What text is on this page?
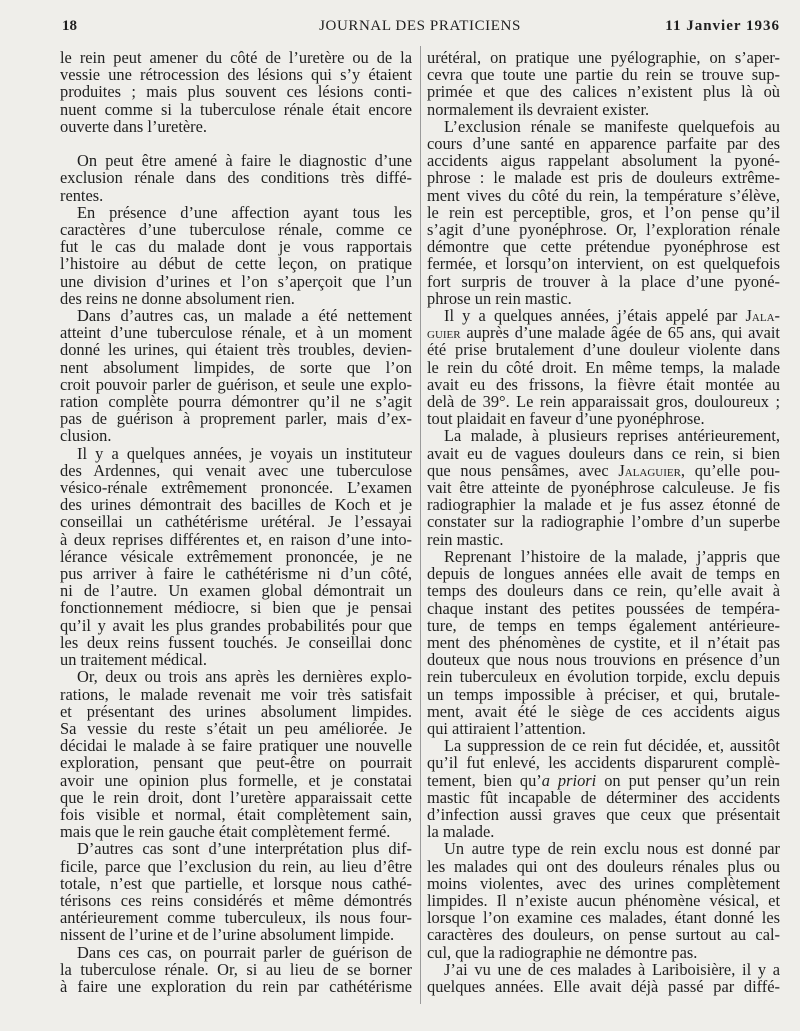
18	JOURNAL DES PRATICIENS	11 Janvier 1936
le rein peut amener du côté de l’uretère ou de la
vessie une rétrocession des lésions qui s’y étaient
produites ; mais plus souvent ces lésions conti-
nuent comme si la tuberculose rénale était encore
ouverte dans l’uretère.
On peut être amené à faire le diagnostic d’une
exclusion rénale dans des conditions très diffé-
rentes.
En présence d’une affection ayant tous les
caractères d’une tuberculose rénale, comme ce
fut le cas du malade dont je vous rapportais
l’histoire au début de cette leçon, on pratique
une division d’urines et l’on s’aperçoit que l’un
des reins ne donne absolument rien.
Dans d’autres cas, un malade a été nettement
atteint d’une tuberculose rénale, et à un moment
donné les urines, qui étaient très troubles, devien-
nent absolument limpides, de sorte que l’on
croit pouvoir parler de guérison, et seule une explo-
ration complète pourra démontrer qu’il ne s’agit
pas de guérison à proprement parler, mais d’ex-
clusion.
Il y a quelques années, je voyais un instituteur
des Ardennes, qui venait avec une tuberculose
vésico-rénale extrêmement prononcée. L’examen
des urines démontrait des bacilles de Koch et je
conseillai un cathétérisme urétéral. Je l’essayai
à deux reprises différentes et, en raison d’une into-
lérance vésicale extrêmement prononcée, je ne
pus arriver à faire le cathétérisme ni d’un côté,
ni de l’autre. Un examen global démontrait un
fonctionnement médiocre, si bien que je pensai
qu’il y avait les plus grandes probabilités pour que
les deux reins fussent touchés. Je conseillai donc
un traitement médical.
Or, deux ou trois ans après les dernières explo-
rations, le malade revenait me voir très satisfait
et présentant des urines absolument limpides.
Sa vessie du reste s’était un peu améliorée. Je
décidai le malade à se faire pratiquer une nouvelle
exploration, pensant que peut-être on pourrait
avoir une opinion plus formelle, et je constatai
que le rein droit, dont l’uretère apparaissait cette
fois visible et normal, était complètement sain,
mais que le rein gauche était complètement fermé.
D’autres cas sont d’une interprétation plus dif-
ficile, parce que l’exclusion du rein, au lieu d’être
totale, n’est que partielle, et lorsque nous cathé-
térisons ces reins considérés et même démontrés
antérieurement comme tuberculeux, ils nous four-
nissent de l’urine et de l’urine absolument limpide.
Dans ces cas, on pourrait parler de guérison de
la tuberculose rénale. Or, si au lieu de se borner
à faire une exploration du rein par cathétérisme
urétéral, on pratique une pyélographie, on s’aper-
cevra que toute une partie du rein se trouve sup-
primée et que des calices n’existent plus là où
normalement ils devraient exister.
L’exclusion rénale se manifeste quelquefois au
cours d’une santé en apparence parfaite par des
accidents aigus rappelant absolument la pyoné-
phrose : le malade est pris de douleurs extrême-
ment vives du côté du rein, la température s’élève,
le rein est perceptible, gros, et l’on pense qu’il
s’agit d’une pyonéphrose. Or, l’exploration rénale
démontre que cette prétendue pyonéphrose est
fermée, et lorsqu’on intervient, on est quelquefois
fort surpris de trouver à la place d’une pyoné-
phrose un rein mastic.
Il y a quelques années, j’étais appelé par Jala-
guier auprès d’une malade âgée de 65 ans, qui avait
été prise brutalement d’une douleur violente dans
le rein du côté droit. En même temps, la malade
avait eu des frissons, la fièvre était montée au
delà de 39°. Le rein apparaissait gros, douloureux ;
tout plaidait en faveur d’une pyonéphrose.
La malade, à plusieurs reprises antérieurement,
avait eu de vagues douleurs dans ce rein, si bien
que nous pensâmes, avec Jalaguier, qu’elle pou-
vait être atteinte de pyonéphrose calculeuse. Je fis
radiographier la malade et je fus assez étonné de
constater sur la radiographie l’ombre d’un superbe
rein mastic.
Reprenant l’histoire de la malade, j’appris que
depuis de longues années elle avait de temps en
temps des douleurs dans ce rein, qu’elle avait à
chaque instant des petites poussées de tempéra-
ture, de temps en temps également antérieure-
ment des phénomènes de cystite, et il n’était pas
douteux que nous nous trouvions en présence d’un
rein tuberculeux en évolution torpide, exclu depuis
un temps impossible à préciser, et qui, brutale-
ment, avait été le siège de ces accidents aigus
qui attiraient l’attention.
La suppression de ce rein fut décidée, et, aussitôt
qu’il fut enlevé, les accidents disparurent complè-
tement, bien qu’a priori on put penser qu’un rein
mastic fût incapable de déterminer des accidents
d’infection aussi graves que ceux que présentait
la malade.
Un autre type de rein exclu nous est donné par
les malades qui ont des douleurs rénales plus ou
moins violentes, avec des urines complètement
limpides. Il n’existe aucun phénomène vésical, et
lorsque l’on examine ces malades, étant donné les
caractères des douleurs, on pense surtout au cal-
cul, que la radiographie ne démontre pas.
J’ai vu une de ces malades à Lariboisière, il y a
quelques années. Elle avait déjà passé par diffé-
